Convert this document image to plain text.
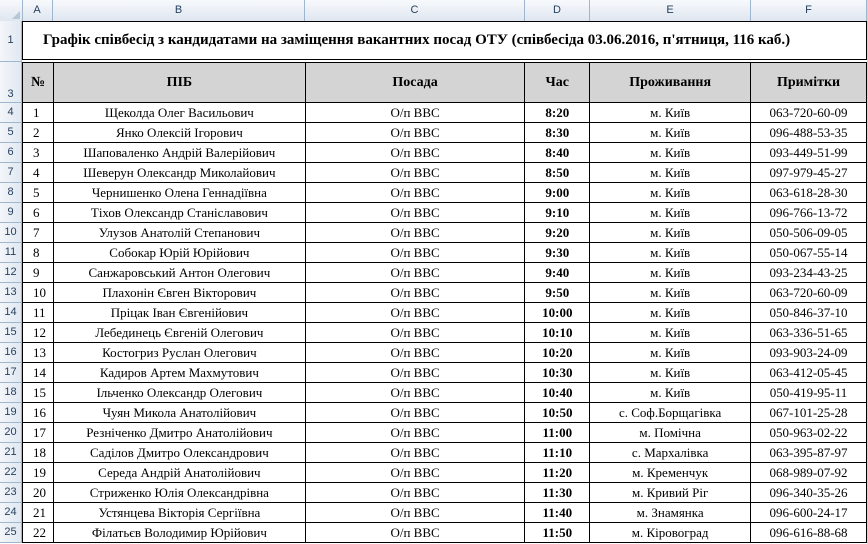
A	B	C	D	E	F
1
3
4
5
6
7
8
9
10
11
12
13
14
15
16
17
18
19
20
21
22
23
24
25
Графік співбесід з кандидатами на заміщення вакантних посад ОТУ (співбесіда 03.06.2016, п'ятниця, 116 каб.)
№	ПІБ	Посада	Час	Проживання	Примітки
1	Щеколда Олег Васильович	О/п ВВС	8:20	м. Київ	063-720-60-09
2	Янко Олексій Ігорович	О/п ВВС	8:30	м. Київ	096-488-53-35
3	Шаповаленко Андрій Валерійович	О/п ВВС	8:40	м. Київ	093-449-51-99
4	Шеверун Олександр Миколайович	О/п ВВС	8:50	м. Київ	097-979-45-27
5	Чернишенко Олена Геннадіївна	О/п ВВС	9:00	м. Київ	063-618-28-30
6	Тіхов Олександр Станіславович	О/п ВВС	9:10	м. Київ	096-766-13-72
7	Улузов Анатолій Степанович	О/п ВВС	9:20	м. Київ	050-506-09-05
8	Собокар Юрій Юрійович	О/п ВВС	9:30	м. Київ	050-067-55-14
9	Санжаровський Антон Олегович	О/п ВВС	9:40	м. Київ	093-234-43-25
10	Плахонін Євген Вікторович	О/п ВВС	9:50	м. Київ	063-720-60-09
11	Пріцак Іван Євгенійович	О/п ВВС	10:00	м. Київ	050-846-37-10
12	Лебединець Євгеній Олегович	О/п ВВС	10:10	м. Київ	063-336-51-65
13	Костогриз Руслан Олегович	О/п ВВС	10:20	м. Київ	093-903-24-09
14	Кадиров Артем Махмутович	О/п ВВС	10:30	м. Київ	063-412-05-45
15	Ільченко Олександр Олегович	О/п ВВС	10:40	м. Київ	050-419-95-11
16	Чуян Микола Анатолійович	О/п ВВС	10:50	с. Соф.Борщагівка	067-101-25-28
17	Резніченко Дмитро Анатолійович	О/п ВВС	11:00	м. Помічна	050-963-02-22
18	Саділов Дмитро Олександрович	О/п ВВС	11:10	с. Мархалівка	063-395-87-97
19	Середа Андрій Анатолійович	О/п ВВС	11:20	м. Кременчук	068-989-07-92
20	Стриженко Юлія Олександрівна	О/п ВВС	11:30	м. Кривий Ріг	096-340-35-26
21	Устянцева Вікторія Сергіївна	О/п ВВС	11:40	м. Знамянка	096-600-24-17
22	Філатьєв Володимир Юрійович	О/п ВВС	11:50	м. Кіровоград	096-616-88-68
